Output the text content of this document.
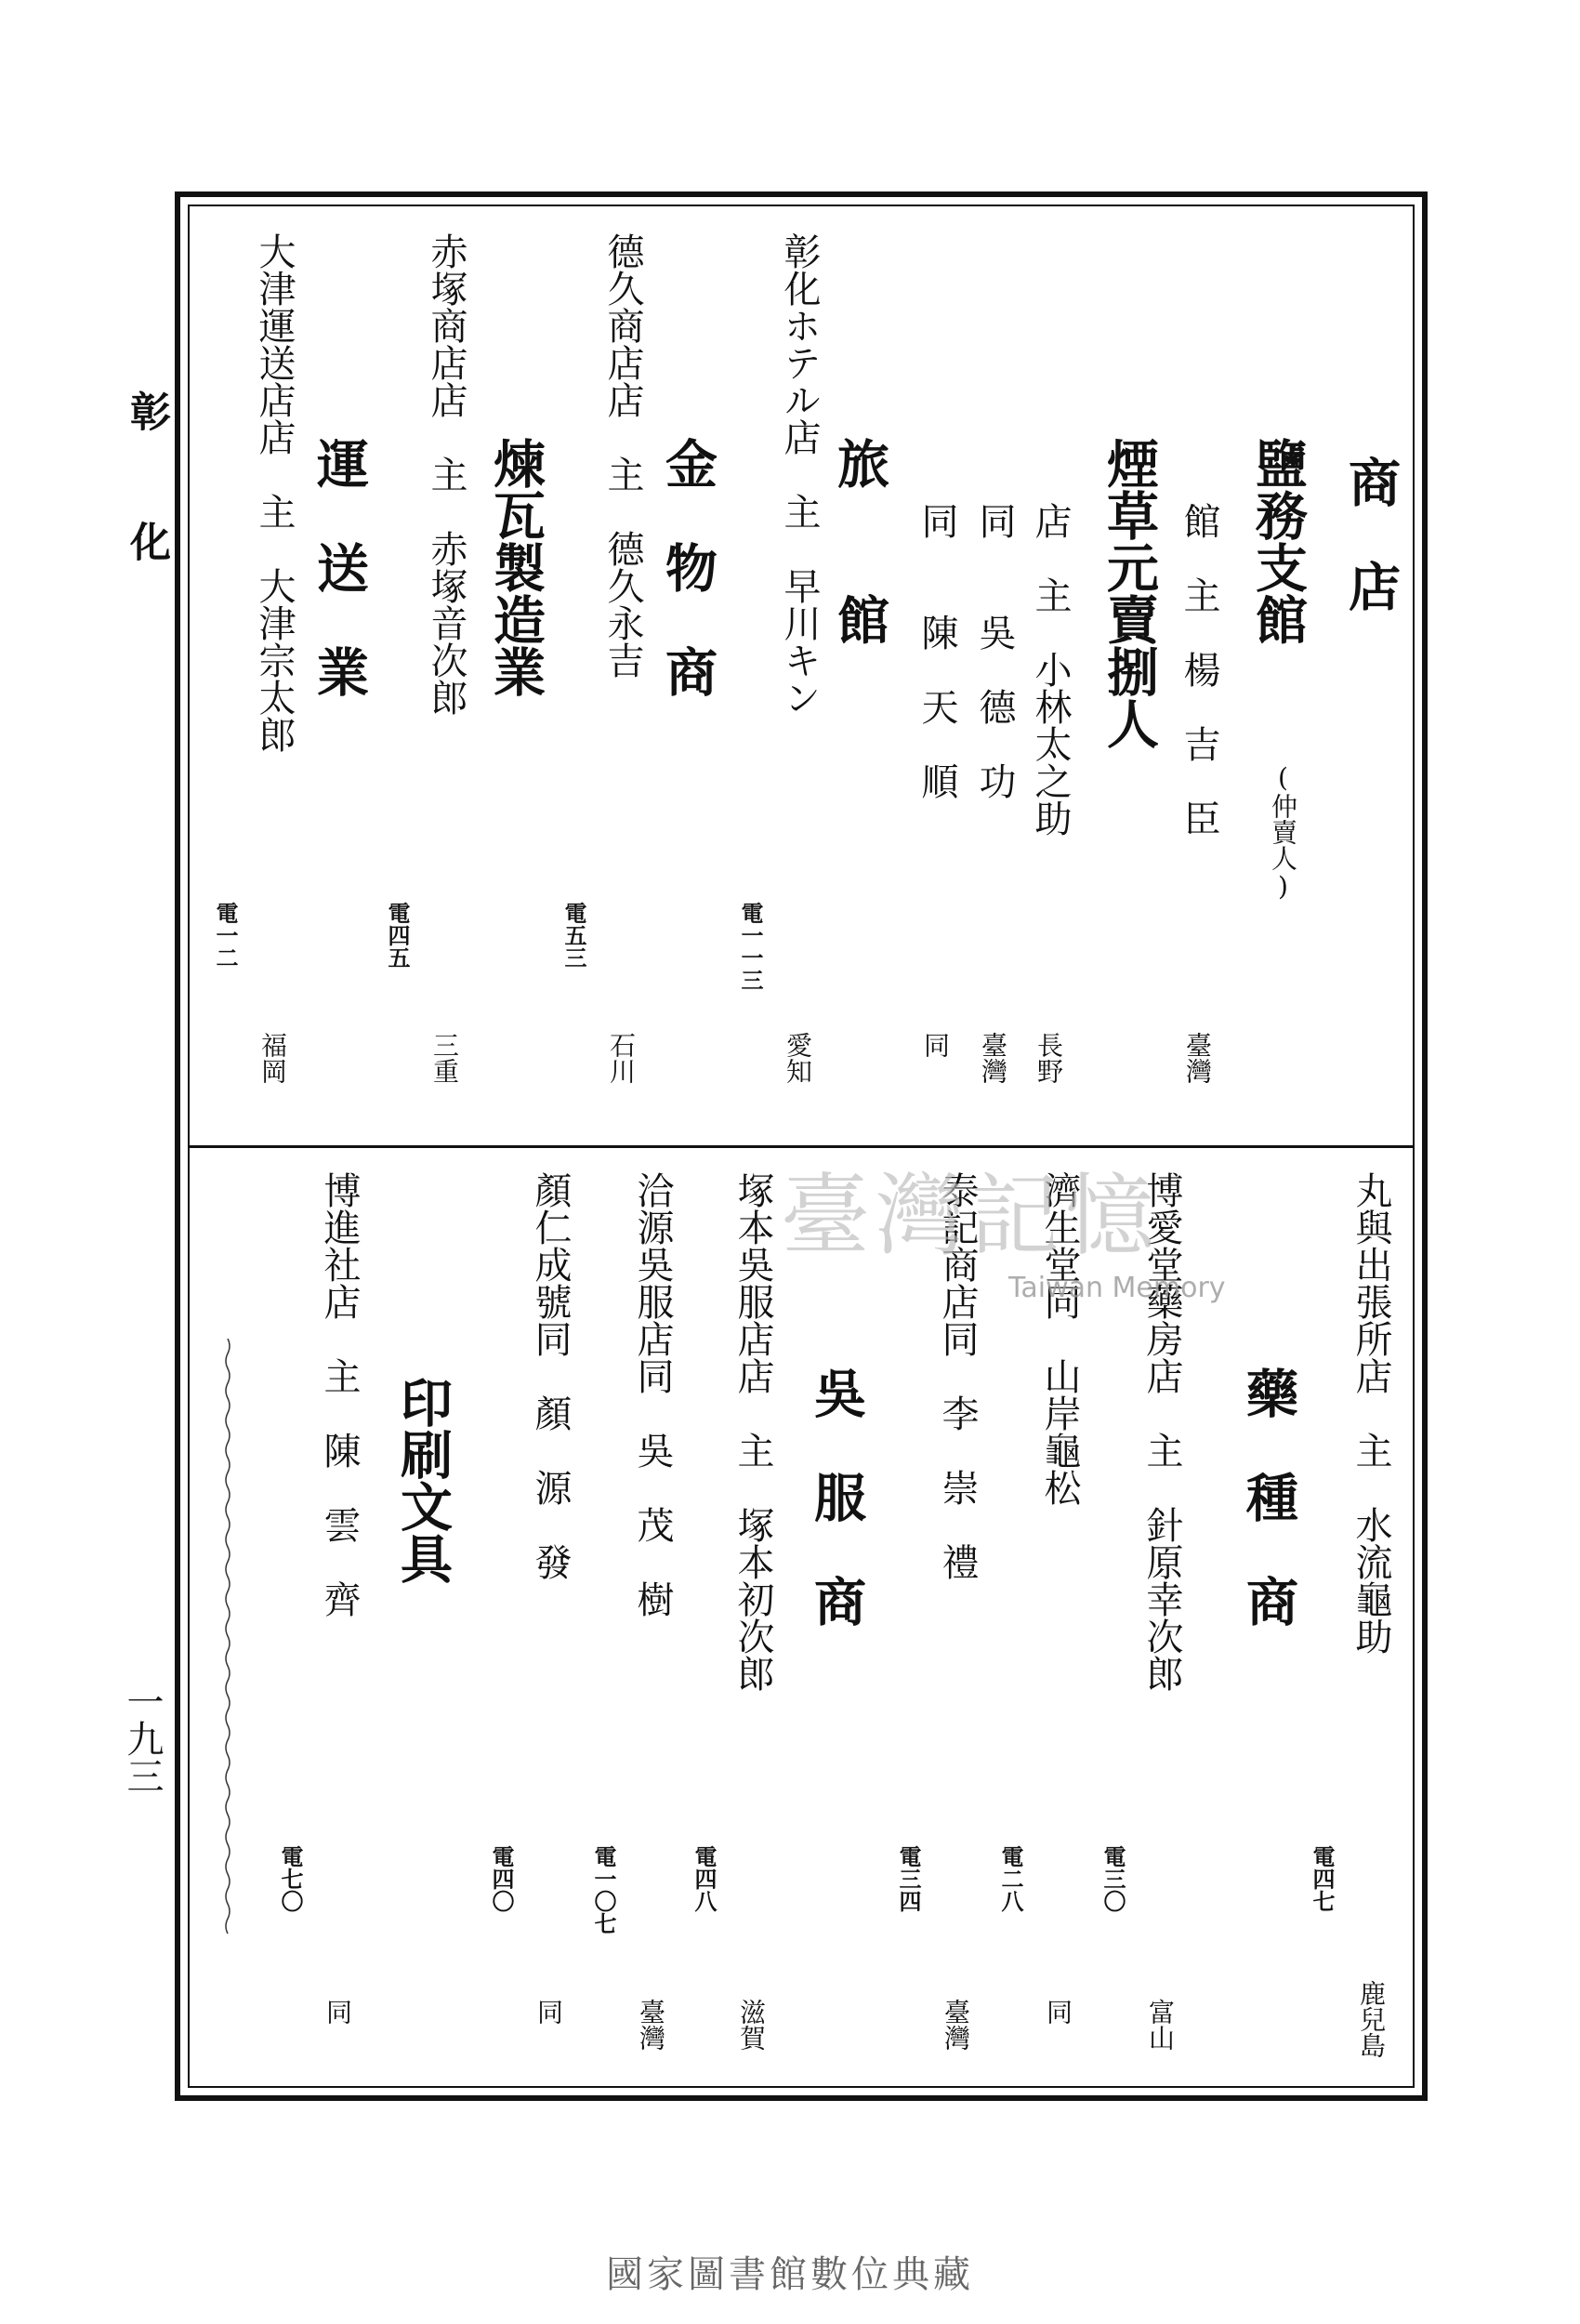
彰
化
一九三
商　店
鹽務支館
(仲賣人)
館　主　楊　吉　臣
臺灣
煙草元賣捌人
店　主　小林太之助
長野
同　　吳　德　功
臺灣
同　　陳　天　順
同
旅　　館
彰化ホテル店　主　早川キン
電一一三
愛知
金　物　商
德久商店店　主　德久永吉
電五三
石川
煉瓦製造業
赤塚商店店　主　赤塚音次郎
電四五
三重
運　送　業
大津運送店店　主　大津宗太郎
電一二
福岡
丸與出張所店　主　水流龜助
電四七
鹿兒島
藥　種　商
博愛堂藥房店　主　針原幸次郎
電三〇
富山
濟生堂同　山岸龜松
電二八
同
泰記商店同　李　崇　禮
電三四
臺灣
吳　服　商
塚本吳服店店　主　塚本初次郎
電四八
滋賀
洽源吳服店同　吳　茂　樹
電一〇七
臺灣
顏仁成號同　顏　源　發
電四〇
同
印刷文具
博進社店　主　陳　雲　齊
電七〇
同
臺灣記憶
Taiwan Memory
國家圖書館數位典藏
